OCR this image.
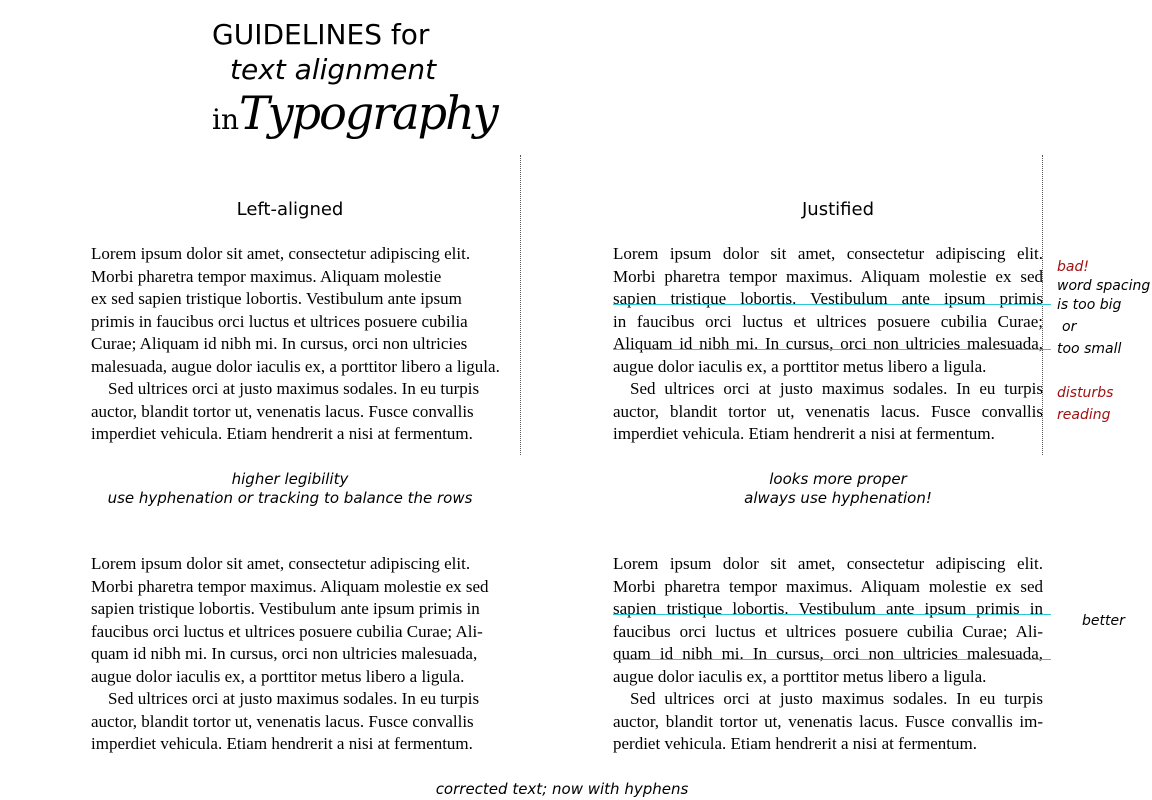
GUIDELINES for
text alignment
inTypography
Left-aligned	Justified
Lorem ipsum dolor sit amet, consectetur adipiscing elit.
Morbi pharetra tempor maximus. Aliquam molestie
ex sed sapien tristique lobortis. Vestibulum ante ipsum
primis in faucibus orci luctus et ultrices posuere cubilia
Curae; Aliquam id nibh mi. In cursus, orci non ultricies
malesuada, augue dolor iaculis ex, a porttitor libero a ligula.
Sed ultrices orci at justo maximus sodales. In eu turpis
auctor, blandit tortor ut, venenatis lacus. Fusce convallis
imperdiet vehicula. Etiam hendrerit a nisi at fermentum.
Lorem ipsum dolor sit amet, consectetur adipiscing elit.
Morbi pharetra tempor maximus. Aliquam molestie ex sed
sapien tristique lobortis. Vestibulum ante ipsum primis
in faucibus orci luctus et ultrices posuere cubilia Curae;
Aliquam id nibh mi. In cursus, orci non ultricies malesuada,
augue dolor iaculis ex, a porttitor metus libero a ligula.
Sed ultrices orci at justo maximus sodales. In eu turpis
auctor, blandit tortor ut, venenatis lacus. Fusce convallis
imperdiet vehicula. Etiam hendrerit a nisi at fermentum.
bad!
word spacing
is too big
or
too small
disturbs
reading
higher legibility
use hyphenation or tracking to balance the rows
looks more proper
always use hyphenation!
Lorem ipsum dolor sit amet, consectetur adipiscing elit.
Morbi pharetra tempor maximus. Aliquam molestie ex sed
sapien tristique lobortis. Vestibulum ante ipsum primis in
faucibus orci luctus et ultrices posuere cubilia Curae; Ali-
quam id nibh mi. In cursus, orci non ultricies malesuada,
augue dolor iaculis ex, a porttitor metus libero a ligula.
Sed ultrices orci at justo maximus sodales. In eu turpis
auctor, blandit tortor ut, venenatis lacus. Fusce convallis
imperdiet vehicula. Etiam hendrerit a nisi at fermentum.
Lorem ipsum dolor sit amet, consectetur adipiscing elit.
Morbi pharetra tempor maximus. Aliquam molestie ex sed
sapien tristique lobortis. Vestibulum ante ipsum primis in
faucibus orci luctus et ultrices posuere cubilia Curae; Ali-
quam id nibh mi. In cursus, orci non ultricies malesuada,
augue dolor iaculis ex, a porttitor metus libero a ligula.
Sed ultrices orci at justo maximus sodales. In eu turpis
auctor, blandit tortor ut, venenatis lacus. Fusce convallis im-
perdiet vehicula. Etiam hendrerit a nisi at fermentum.
better
corrected text; now with hyphens
